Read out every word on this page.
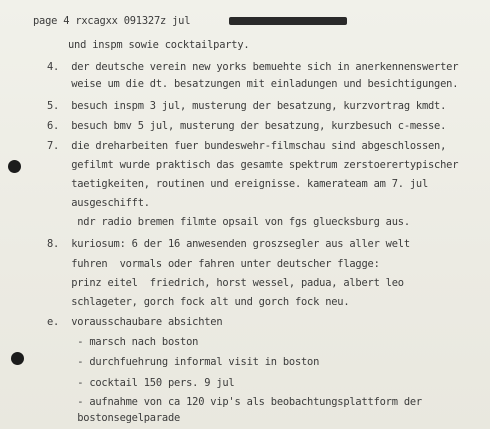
page 4 rxcagxx 091327z jul
und inspm sowie cocktailparty.
4.  der deutsche verein new yorks bemuehte sich in anerkennenswerter
weise um die dt. besatzungen mit einladungen und besichtigungen.
5.  besuch inspm 3 jul, musterung der besatzung, kurzvortrag kmdt.
6.  besuch bmv 5 jul, musterung der besatzung, kurzbesuch c-messe.
7.  die dreharbeiten fuer bundeswehr-filmschau sind abgeschlossen,
gefilmt wurde praktisch das gesamte spektrum zerstoerertypischer
taetigkeiten, routinen und ereignisse. kamerateam am 7. jul
ausgeschifft.
ndr radio bremen filmte opsail von fgs gluecksburg aus.
8.  kuriosum: 6 der 16 anwesenden groszsegler aus aller welt
fuhren  vormals oder fahren unter deutscher flagge:
prinz eitel  friedrich, horst wessel, padua, albert leo
schlageter, gorch fock alt und gorch fock neu.
e.  vorausschaubare absichten
- marsch nach boston
- durchfuehrung informal visit in boston
- cocktail 150 pers. 9 jul
- aufnahme von ca 120 vip's als beobachtungsplattform der
bostonsegelparade
